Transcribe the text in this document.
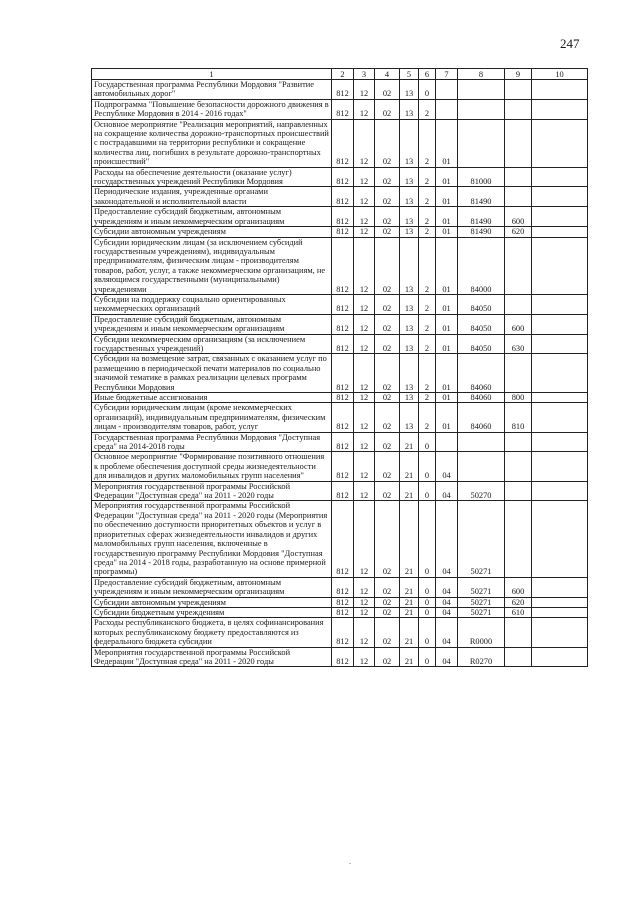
247
1	2	3	4	5	6	7	8	9	10	
Государственная программа Республики Мордовия "Развитие автомобильных дорог"	812	12	02	13	0					
Подпрограмма "Повышение безопасности дорожного движения в Республике Мордовия в 2014 - 2016 годах"	812	12	02	13	2					
Основное мероприятие "Реализация мероприятий, направленных на сокращение количества дорожно-транспортных происшествий с пострадавшими на территории республики и сокращение количества лиц, погибших в результате дорожно-транспортных происшествий"	812	12	02	13	2	01				
Расходы на обеспечение деятельности (оказание услуг) государственных учреждений Республики Мордовия	812	12	02	13	2	01	81000			
Периодические издания, учрежденные органами законодательной и исполнительной власти	812	12	02	13	2	01	81490			
Предоставление субсидий бюджетным, автономным учреждениям и иным некоммерческим организациям	812	12	02	13	2	01	81490	600		
Субсидии автономным учреждениям	812	12	02	13	2	01	81490	620		
Субсидии юридическим лицам (за исключением субсидий государственным учреждениям), индивидуальным предпринимателям, физическим лицам - производителям товаров, работ, услуг, а также некоммерческим организациям, не являющимся государственными (муниципальными) учреждениями	812	12	02	13	2	01	84000			
Субсидии на поддержку социально ориентированных некоммерческих организаций	812	12	02	13	2	01	84050			
Предоставление субсидий бюджетным, автономным учреждениям и иным некоммерческим организациям	812	12	02	13	2	01	84050	600		
Субсидии некоммерческим организациям (за исключением государственных учреждений)	812	12	02	13	2	01	84050	630		
Субсидии на возмещение затрат, связанных с оказанием услуг по размещению в периодической печати материалов по социально значимой тематике в рамках реализации целевых программ Республики Мордовия	812	12	02	13	2	01	84060			
Иные бюджетные ассигнования	812	12	02	13	2	01	84060	800		
Субсидии юридическим лицам (кроме некоммерческих организаций), индивидуальным предпринимателям, физическим лицам - производителям товаров, работ, услуг	812	12	02	13	2	01	84060	810		
Государственная программа Республики Мордовия "Доступная среда" на 2014-2018 годы	812	12	02	21	0					
Основное мероприятие "Формирование позитивного отношения к проблеме обеспечения доступной среды жизнедеятельности для инвалидов и других маломобильных групп населения"	812	12	02	21	0	04				
Мероприятия государственной программы Российской Федерации "Доступная среда" на 2011 - 2020 годы	812	12	02	21	0	04	50270			
Мероприятия государственной программы Российской Федерации "Доступная среда" на 2011 - 2020 годы (Мероприятия по обеспечению доступности приоритетных объектов и услуг в приоритетных сферах жизнедеятельности инвалидов и других маломобильных групп населения, включенные в государственную программу Республики Мордовия "Доступная среда" на 2014 - 2018 годы, разработанную на основе примерной программы)	812	12	02	21	0	04	50271			
Предоставление субсидий бюджетным, автономным учреждениям и иным некоммерческим организациям	812	12	02	21	0	04	50271	600		
Субсидии автономным учреждениям	812	12	02	21	0	04	50271	620		
Субсидии бюджетным учреждениям	812	12	02	21	0	04	50271	610		
Расходы республиканского бюджета, в целях софинансирования которых республиканскому бюджету предоставляются из федерального бюджета субсидии	812	12	02	21	0	04	R0000			
Мероприятия государственной программы Российской Федерации "Доступная среда" на 2011 - 2020 годы	812	12	02	21	0	04	R0270			
.
